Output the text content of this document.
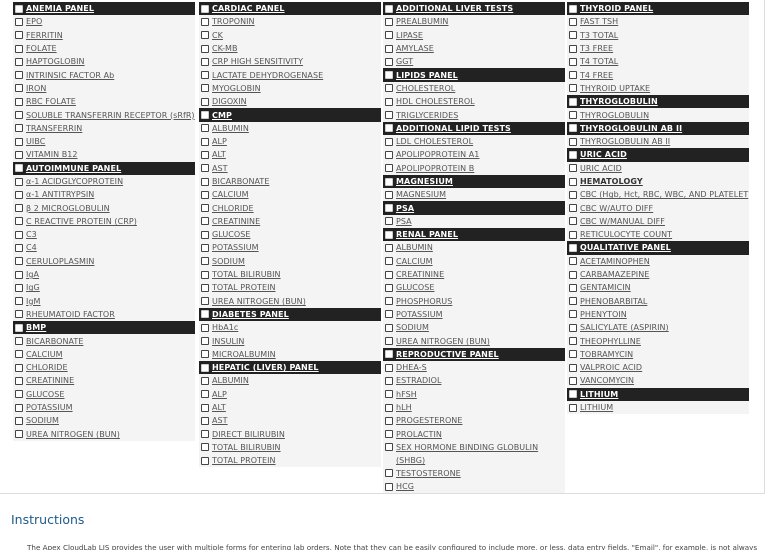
ANEMIA PANEL
EPO
FERRITIN
FOLATE
HAPTOGLOBIN
INTRINSIC FACTOR Ab
IRON
RBC FOLATE
SOLUBLE TRANSFERRIN RECEPTOR (sRfR)
TRANSFERRIN
UIBC
VITAMIN B12
AUTOIMMUNE PANEL
α-1 ACIDGLYCOPROTEIN
α-1 ANTITRYPSIN
β 2 MICROGLOBULIN
C REACTIVE PROTEIN (CRP)
C3
C4
CERULOPLASMIN
IgA
IgG
IgM
RHEUMATOID FACTOR
BMP
BICARBONATE
CALCIUM
CHLORIDE
CREATININE
GLUCOSE
POTASSIUM
SODIUM
UREA NITROGEN (BUN)
CARDIAC PANEL
TROPONIN
CK
CK-MB
CRP HIGH SENSITIVITY
LACTATE DEHYDROGENASE
MYOGLOBIN
DIGOXIN
CMP
ALBUMIN
ALP
ALT
AST
BICARBONATE
CALCIUM
CHLORIDE
CREATININE
GLUCOSE
POTASSIUM
SODIUM
TOTAL BILIRUBIN
TOTAL PROTEIN
UREA NITROGEN (BUN)
DIABETES PANEL
HbA1c
INSULIN
MICROALBUMIN
HEPATIC (LIVER) PANEL
ALBUMIN
ALP
ALT
AST
DIRECT BILIRUBIN
TOTAL BILIRUBIN
TOTAL PROTEIN
ADDITIONAL LIVER TESTS
PREALBUMIN
LIPASE
AMYLASE
GGT
LIPIDS PANEL
CHOLESTEROL
HDL CHOLESTEROL
TRIGLYCERIDES
ADDITIONAL LIPID TESTS
LDL CHOLESTEROL
APOLIPOPROTEIN A1
APOLIPOPROTEIN B
MAGNESIUM
MAGNESIUM
PSA
PSA
RENAL PANEL
ALBUMIN
CALCIUM
CREATININE
GLUCOSE
PHOSPHORUS
POTASSIUM
SODIUM
UREA NITROGEN (BUN)
REPRODUCTIVE PANEL
DHEA-S
ESTRADIOL
hFSH
hLH
PROGESTERONE
PROLACTIN
SEX HORMONE BINDING GLOBULIN (SHBG)
TESTOSTERONE
HCG
THYROID PANEL
FAST TSH
T3 TOTAL
T3 FREE
T4 TOTAL
T4 FREE
THYROID UPTAKE
THYROGLOBULIN
THYROGLOBULIN
THYROGLOBULIN AB II
THYROGLOBULIN AB II
URIC ACID
URIC ACID
HEMATOLOGY
CBC (Hgb, Hct, RBC, WBC, AND PLATELET
CBC W/AUTO DIFF
CBC W/MANUAL DIFF
RETICULOCYTE COUNT
QUALITATIVE PANEL
ACETAMINOPHEN
CARBAMAZEPINE
GENTAMICIN
PHENOBARBITAL
PHENYTOIN
SALICYLATE (ASPIRIN)
THEOPHYLLINE
TOBRAMYCIN
VALPROIC ACID
VANCOMYCIN
LITHIUM
LITHIUM
Instructions
The Apex CloudLab LIS provides the user with multiple forms for entering lab orders. Note that they can be easily configured to include more, or less, data entry fields. "Email", for example, is not always
